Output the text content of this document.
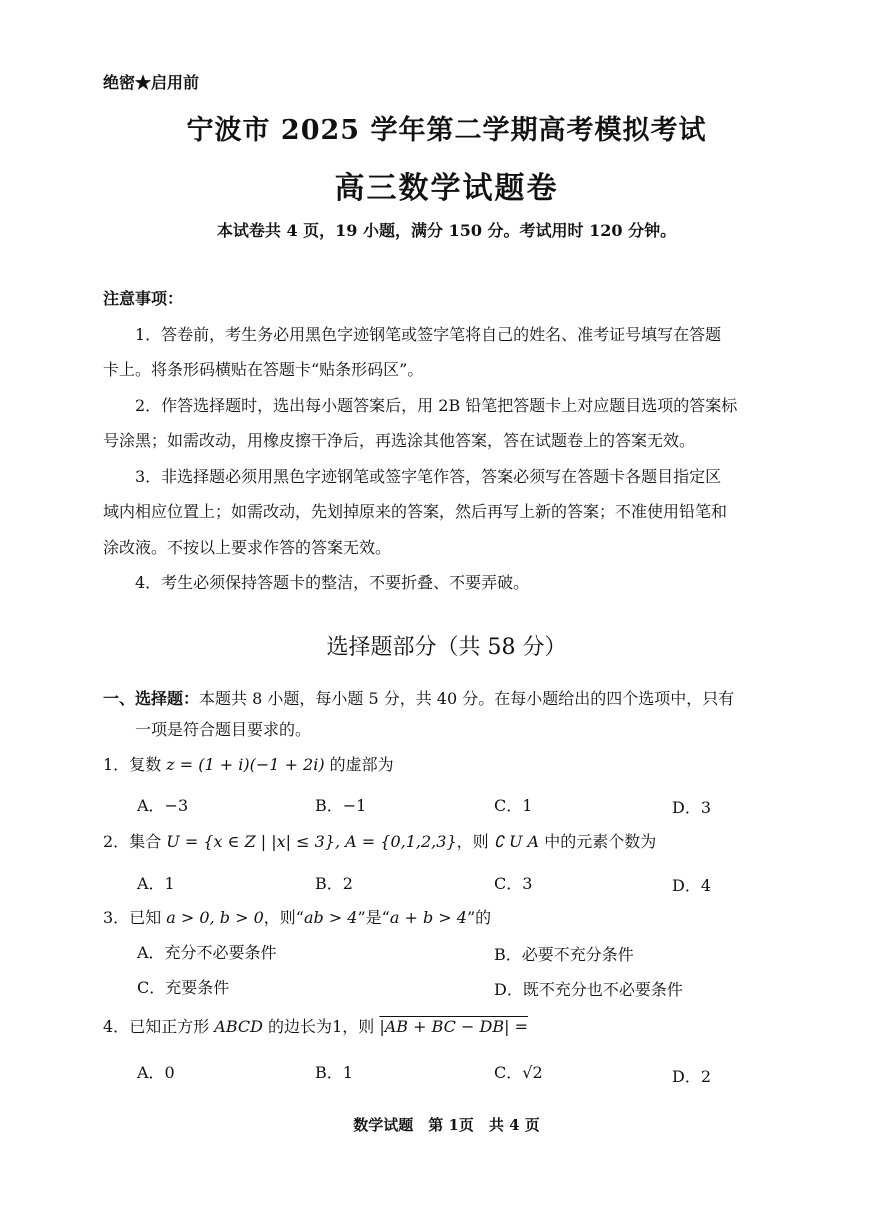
绝密★启用前
宁波市 2025 学年第二学期高考模拟考试
高三数学试题卷
本试卷共 4 页，19 小题，满分 150 分。考试用时 120 分钟。
注意事项：
1．答卷前，考生务必用黑色字迹钢笔或签字笔将自己的姓名、准考证号填写在答题
卡上。将条形码横贴在答题卡“贴条形码区”。
2．作答选择题时，选出每小题答案后，用 2B 铅笔把答题卡上对应题目选项的答案标
号涂黑；如需改动，用橡皮擦干净后，再选涂其他答案，答在试题卷上的答案无效。
3．非选择题必须用黑色字迹钢笔或签字笔作答，答案必须写在答题卡各题目指定区
域内相应位置上；如需改动，先划掉原来的答案，然后再写上新的答案；不准使用铅笔和
涂改液。不按以上要求作答的答案无效。
4．考生必须保持答题卡的整洁，不要折叠、不要弄破。
选择题部分（共 58 分）
一、选择题：本题共 8 小题，每小题 5 分，共 40 分。在每小题给出的四个选项中，只有
一项是符合题目要求的。
1．复数 z = (1 + i)(−1 + 2i) 的虚部为
A．−3	B．−1	C．1	D．3
2．集合 U = {x ∈ Z | |x| ≤ 3}, A = {0,1,2,3}，则 ∁ U A 中的元素个数为
A．1	B．2	C．3	D．4
3．已知 a > 0, b > 0，则“ab > 4”是“a + b > 4”的
A．充分不必要条件	B．必要不充分条件
C．充要条件	D．既不充分也不必要条件
4．已知正方形 ABCD 的边长为1，则 |AB + BC − DB| =
A．0	B．1	C．√2	D．2
数学试题　第 1页　共 4 页
